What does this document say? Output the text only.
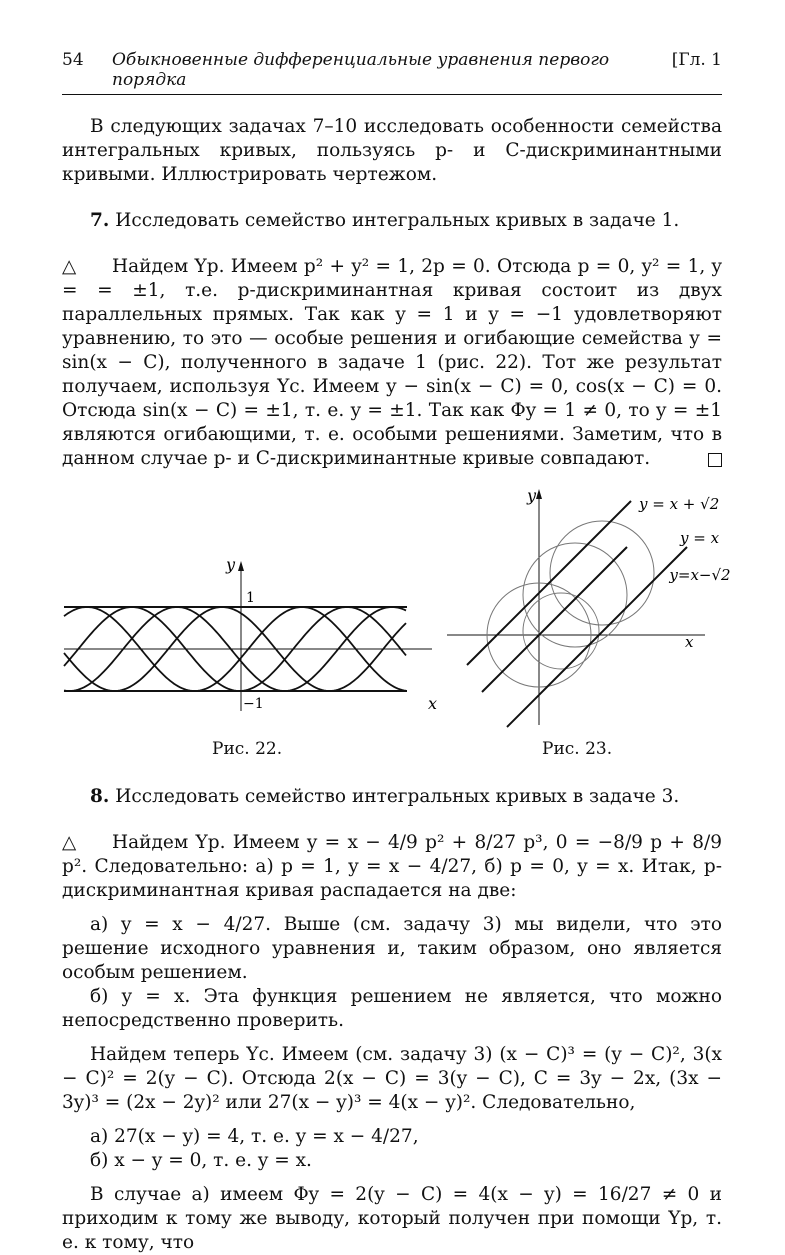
54	Обыкновенные дифференциальные уравнения первого порядка
[Гл. 1

В следующих задачах 7–10 исследовать особенности семейства интегральных кривых, пользуясь p- и C-дискриминантными кривыми. Иллюстрировать чертежом.

7. Исследовать семейство интегральных кривых в задаче 1.

△ Найдем Yp. Имеем p² + y² = 1, 2p = 0. Отсюда p = 0, y² = 1, y = = ±1, т.е. p-дискриминантная кривая состоит из двух параллельных прямых. Так как y = 1 и y = −1 удовлетворяют уравнению, то это — особые решения и огибающие семейства y = sin(x − C), полученного в задаче 1 (рис. 22). Тот же результат получаем, используя Yc. Имеем y − sin(x − C) = 0, cos(x − C) = 0. Отсюда sin(x − C) = ±1, т. е. y = ±1. Так как Φy = 1 ≠ 0, то y = ±1 являются огибающими, т. е. особыми решениями. Заметим, что в данном случае p- и C-дискриминантные кривые совпадают.

y
x
1
−1
Рис. 22.
y
x
y = x + √2
y = x
y=x−√2
Рис. 23.

8. Исследовать семейство интегральных кривых в задаче 3.

△ Найдем Yp. Имеем y = x − 4/9 p² + 8/27 p³, 0 = −8/9 p + 8/9 p². Следовательно: а) p = 1, y = x − 4/27, б) p = 0, y = x. Итак, p-дискриминантная кривая распадается на две:

а) y = x − 4/27. Выше (см. задачу 3) мы видели, что это решение исходного уравнения и, таким образом, оно является особым решением.

б) y = x. Эта функция решением не является, что можно непосредственно проверить.

Найдем теперь Yc. Имеем (см. задачу 3) (x − C)³ = (y − C)², 3(x − C)² = 2(y − C). Отсюда 2(x − C) = 3(y − C), C = 3y − 2x, (3x − 3y)³ = (2x − 2y)² или 27(x − y)³ = 4(x − y)². Следовательно,

а) 27(x − y) = 4, т. е. y = x − 4/27,

б) x − y = 0, т. е. y = x.

В случае а) имеем Φy = 2(y − C) = 4(x − y) = 16/27 ≠ 0 и приходим к тому же выводу, который получен при помощи Yp, т. е. к тому, что
